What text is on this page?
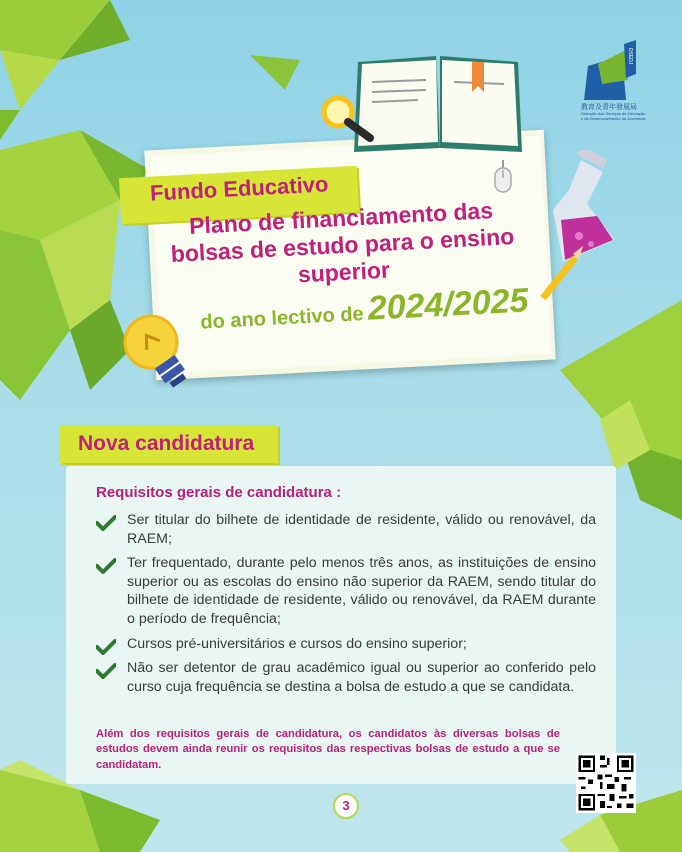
DSEDJ
教育及青年發展局
Direcção dos Serviços de Educação
e de Desenvolvimento da Juventude
Fundo Educativo
Plano de financiamento das bolsas de estudo para o ensino superior
do ano lectivo de 2024/2025
Nova candidatura
Requisitos gerais de candidatura :
Ser titular do bilhete de identidade de residente, válido ou renovável, da RAEM;
Ter frequentado, durante pelo menos três anos, as instituições de ensino superior ou as escolas do ensino não superior da RAEM, sendo titular do bilhete de identidade de residente, válido ou renovável, da RAEM durante o período de frequência;
Cursos pré-universitários e cursos do ensino superior;
Não ser detentor de grau académico igual ou superior ao conferido pelo curso cuja frequência se destina a bolsa de estudo a que se candidata.
Além dos requisitos gerais de candidatura, os candidatos às diversas bolsas de estudos devem ainda reunir os requisitos das respectivas bolsas de estudo a que se candidatam.
3
